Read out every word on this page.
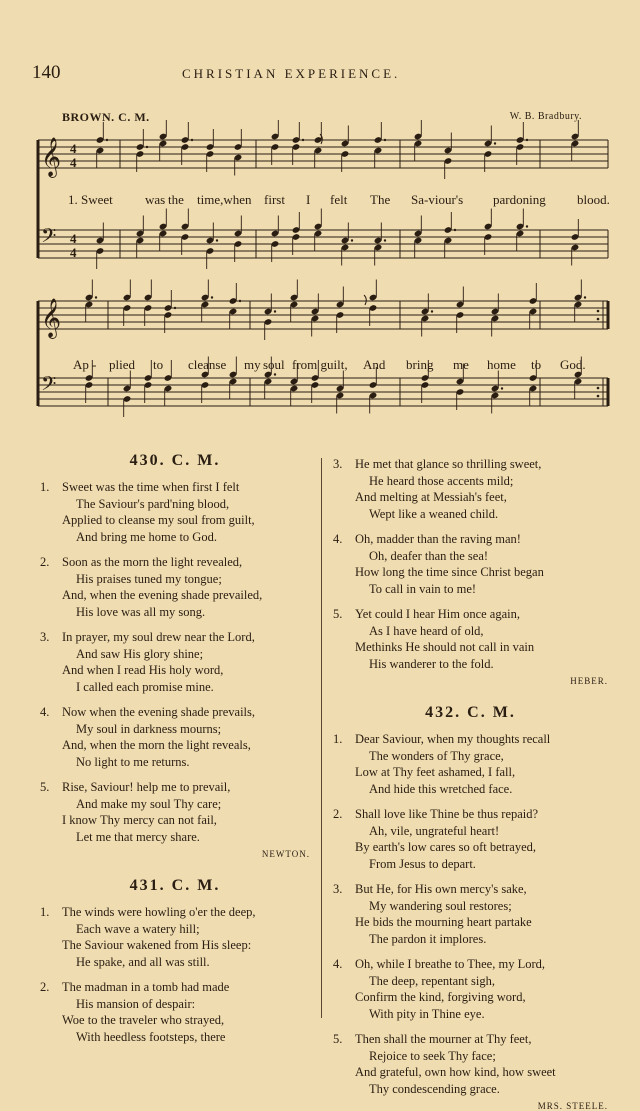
140	CHRISTIAN EXPERIENCE.
BROWN. C. M.	W. B. Bradbury.
𝄞 4
4
𝄢 4
4
𝄞
𝄢
1. Sweet was the time,when first I felt The Sa-viour's pardoning blood.
Ap - plied to cleanse my soul from guilt, And bring me home to God.
430. C. M.
1. Sweet was the time when first I felt
The Saviour's pard'ning blood,
Applied to cleanse my soul from guilt,
And bring me home to God.
2. Soon as the morn the light revealed,
His praises tuned my tongue;
And, when the evening shade prevailed,
His love was all my song.
3. In prayer, my soul drew near the Lord,
And saw His glory shine;
And when I read His holy word,
I called each promise mine.
4. Now when the evening shade prevails,
My soul in darkness mourns;
And, when the morn the light reveals,
No light to me returns.
5. Rise, Saviour! help me to prevail,
And make my soul Thy care;
I know Thy mercy can not fail,
Let me that mercy share.
NEWTON.
431. C. M.
1. The winds were howling o'er the deep,
Each wave a watery hill;
The Saviour wakened from His sleep:
He spake, and all was still.
2. The madman in a tomb had made
His mansion of despair:
Woe to the traveler who strayed,
With heedless footsteps, there
3. He met that glance so thrilling sweet,
He heard those accents mild;
And melting at Messiah's feet,
Wept like a weaned child.
4. Oh, madder than the raving man!
Oh, deafer than the sea!
How long the time since Christ began
To call in vain to me!
5. Yet could I hear Him once again,
As I have heard of old,
Methinks He should not call in vain
His wanderer to the fold.
HEBER.
432. C. M.
1. Dear Saviour, when my thoughts recall
The wonders of Thy grace,
Low at Thy feet ashamed, I fall,
And hide this wretched face.
2. Shall love like Thine be thus repaid?
Ah, vile, ungrateful heart!
By earth's low cares so oft betrayed,
From Jesus to depart.
3. But He, for His own mercy's sake,
My wandering soul restores;
He bids the mourning heart partake
The pardon it implores.
4. Oh, while I breathe to Thee, my Lord,
The deep, repentant sigh,
Confirm the kind, forgiving word,
With pity in Thine eye.
5. Then shall the mourner at Thy feet,
Rejoice to seek Thy face;
And grateful, own how kind, how sweet
Thy condescending grace.
MRS. STEELE.
